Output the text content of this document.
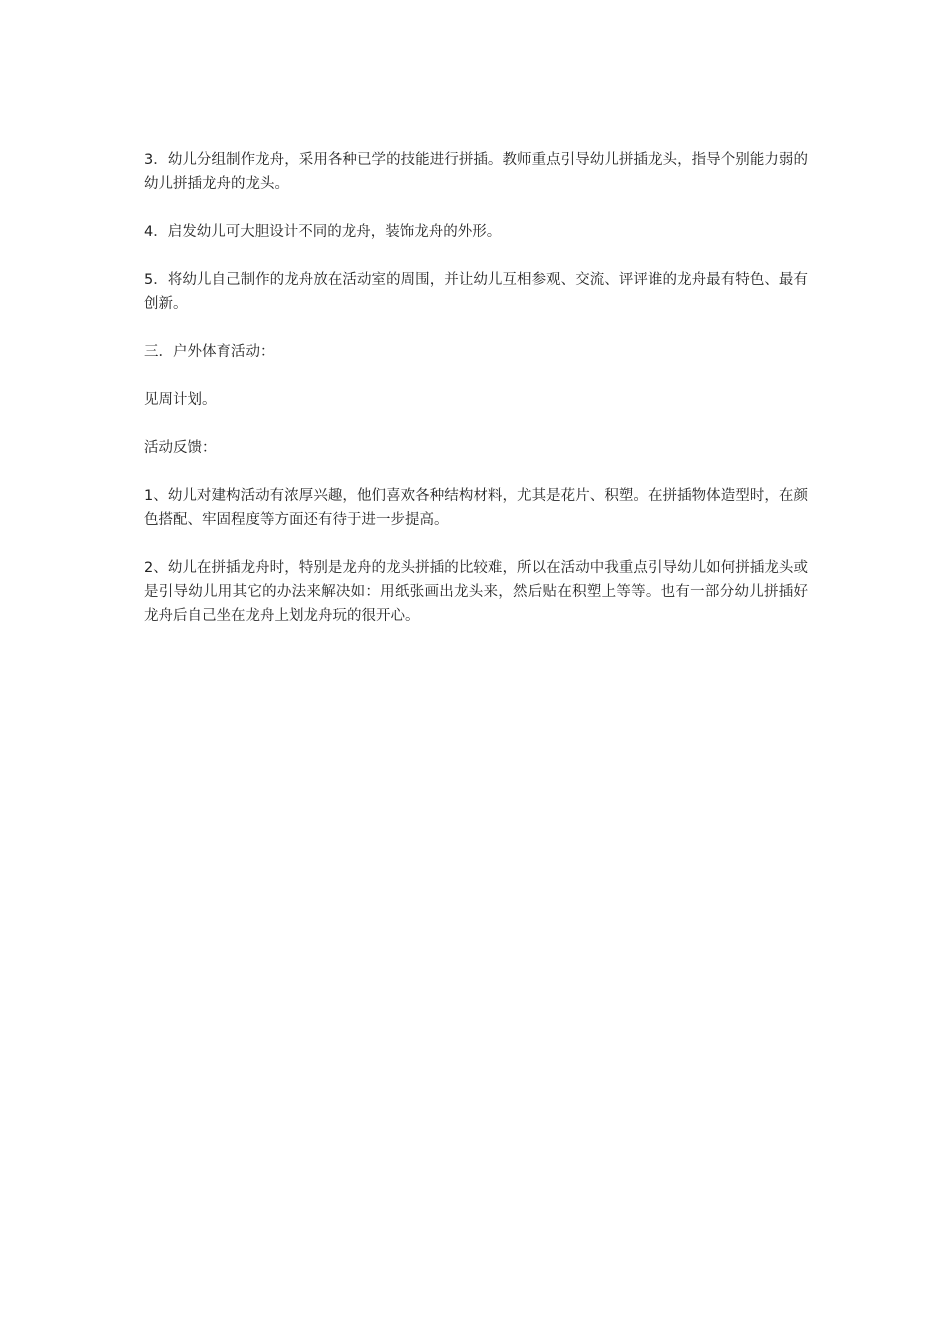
3．幼儿分组制作龙舟，采用各种已学的技能进行拼插。教师重点引导幼儿拼插龙头，指导个别能力弱的幼儿拼插龙舟的龙头。

4．启发幼儿可大胆设计不同的龙舟，装饰龙舟的外形。

5．将幼儿自己制作的龙舟放在活动室的周围，并让幼儿互相参观、交流、评评谁的龙舟最有特色、最有创新。

三．户外体育活动：

见周计划。

活动反馈：

1、幼儿对建构活动有浓厚兴趣，他们喜欢各种结构材料，尤其是花片、积塑。在拼插物体造型时，在颜色搭配、牢固程度等方面还有待于进一步提高。

2、幼儿在拼插龙舟时，特别是龙舟的龙头拼插的比较难，所以在活动中我重点引导幼儿如何拼插龙头或是引导幼儿用其它的办法来解决如：用纸张画出龙头来，然后贴在积塑上等等。也有一部分幼儿拼插好龙舟后自己坐在龙舟上划龙舟玩的很开心。
